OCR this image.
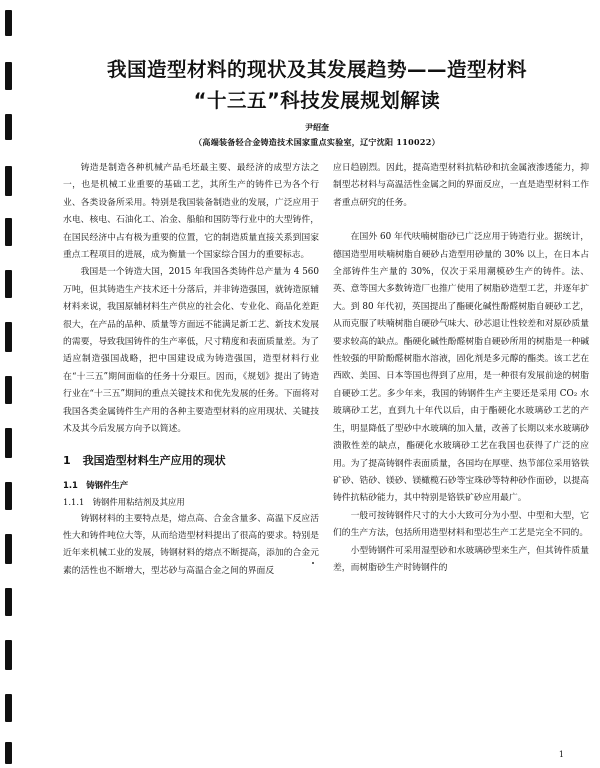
我国造型材料的现状及其发展趋势——造型材料
“十三五”科技发展规划解读
尹绍奎
（高端装备轻合金铸造技术国家重点实验室，辽宁沈阳 110022）

铸造是制造各种机械产品毛坯最主要、最经济的成型方法之一，也是机械工业重要的基础工艺，其所生产的铸件已为各个行业、各类设备所采用。特别是我国装备制造业的发展，广泛应用于水电、核电、石油化工、冶金、船舶和国防等行业中的大型铸件，在国民经济中占有极为重要的位置，它的制造质量直接关系到国家重点工程项目的进展，成为衡量一个国家综合国力的重要标志。

我国是一个铸造大国，2015 年我国各类铸件总产量为 4 560 万吨，但其铸造生产技术还十分落后，并非铸造强国，就铸造原辅材料来说，我国原辅材料生产供应的社会化、专业化、商品化差距很大，在产品的品种、质量等方面远不能满足新工艺、新技术发展的需要，导致我国铸件的生产率低，尺寸精度和表面质量差。为了适应制造强国战略，把中国建设成为铸造强国，造型材料行业在“十三五”期间面临的任务十分艰巨。因而，《规划》提出了铸造行业在“十三五”期间的重点关键技术和优先发展的任务。下面将对我国各类金属铸件生产用的各种主要造型材料的应用现状、关键技术及其今后发展方向予以简述。

1 我国造型材料生产应用的现状
1.1　铸钢件生产
1.1.1　铸钢件用粘结剂及其应用

铸钢材料的主要特点是，熔点高、合金含量多、高温下反应活性大和铸件吨位大等，从而给造型材料提出了很高的要求。特别是近年来机械工业的发展，铸钢材料的熔点不断提高，添加的合金元素的活性也不断增大，型芯砂与高温合金之间的界面反

应日趋剧烈。因此，提高造型材料抗粘砂和抗金属液渗透能力，抑制型芯材料与高温活性金属之间的界面反应，一直是造型材料工作者重点研究的任务。

在国外 60 年代呋喃树脂砂已广泛应用于铸造行业。据统计，德国造型用呋喃树脂自硬砂占造型用砂量的 30% 以上，在日本占全部铸件生产量的 30%，仅次于采用潮模砂生产的铸件。法、英、意等国大多数铸造厂也推广使用了树脂砂造型工艺，并逐年扩大。到 80 年代初，英国提出了酯硬化碱性酚醛树脂自硬砂工艺，从而克服了呋喃树脂自硬砂气味大、砂芯退让性较差和对原砂质量要求较高的缺点。酯硬化碱性酚醛树脂自硬砂所用的树脂是一种碱性较强的甲阶酚醛树脂水溶液，固化剂是多元醇的酯类。该工艺在西欧、美国、日本等国也得到了应用，是一种很有发展前途的树脂自硬砂工艺。多少年来，我国的铸钢件生产主要还是采用 CO₂ 水玻璃砂工艺，直到九十年代以后，由于酯硬化水玻璃砂工艺的产生，明显降低了型砂中水玻璃的加入量，改善了长期以来水玻璃砂溃散性差的缺点，酯硬化水玻璃砂工艺在我国也获得了广泛的应用。为了提高铸钢件表面质量，各国均在厚壁、热节部位采用铬铁矿砂、锆砂、镁砂、镁橄榄石砂等宝珠砂等特种砂作面砂，以提高铸件抗粘砂能力，其中特别是铬铁矿砂应用最广。

一般可按铸钢件尺寸的大小大致可分为小型、中型和大型，它们的生产方法，包括所用造型材料和型芯生产工艺是完全不同的。

小型铸钢件可采用湿型砂和水玻璃砂型来生产，但其铸件质量差，而树脂砂生产时铸钢件的

1
